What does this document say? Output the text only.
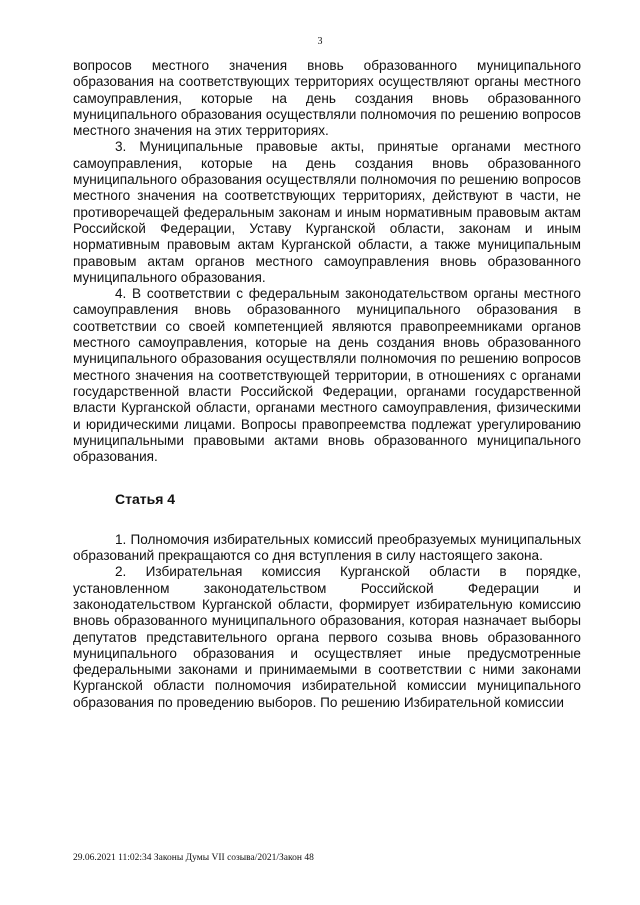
3

вопросов местного значения вновь образованного муниципального образования на соответствующих территориях осуществляют органы местного самоуправления, которые на день создания вновь образованного муниципального образования осуществляли полномочия по решению вопросов местного значения на этих территориях.

3. Муниципальные правовые акты, принятые органами местного самоуправления, которые на день создания вновь образованного муниципального образования осуществляли полномочия по решению вопросов местного значения на соответствующих территориях, действуют в части, не противоречащей федеральным законам и иным нормативным правовым актам Российской Федерации, Уставу Курганской области, законам и иным нормативным правовым актам Курганской области, а также муниципальным правовым актам органов местного самоуправления вновь образованного муниципального образования.

4. В соответствии с федеральным законодательством органы местного самоуправления вновь образованного муниципального образования в соответствии со своей компетенцией являются правопреемниками органов местного самоуправления, которые на день создания вновь образованного муниципального образования осуществляли полномочия по решению вопросов местного значения на соответствующей территории, в отношениях с органами государственной власти Российской Федерации, органами государственной власти Курганской области, органами местного самоуправления, физическими и юридическими лицами. Вопросы правопреемства подлежат урегулированию муниципальными правовыми актами вновь образованного муниципального образования.

Статья 4

1. Полномочия избирательных комиссий преобразуемых муниципальных образований прекращаются со дня вступления в силу настоящего закона.

2. Избирательная комиссия Курганской области в порядке, установленном законодательством Российской Федерации и законодательством Курганской области, формирует избирательную комиссию вновь образованного муниципального образования, которая назначает выборы депутатов представительного органа первого созыва вновь образованного муниципального образования и осуществляет иные предусмотренные федеральными законами и принимаемыми в соответствии с ними законами Курганской области полномочия избирательной комиссии муниципального образования по проведению выборов. По решению Избирательной комиссии

29.06.2021 11:02:34 Законы Думы VII созыва/2021/Закон 48
